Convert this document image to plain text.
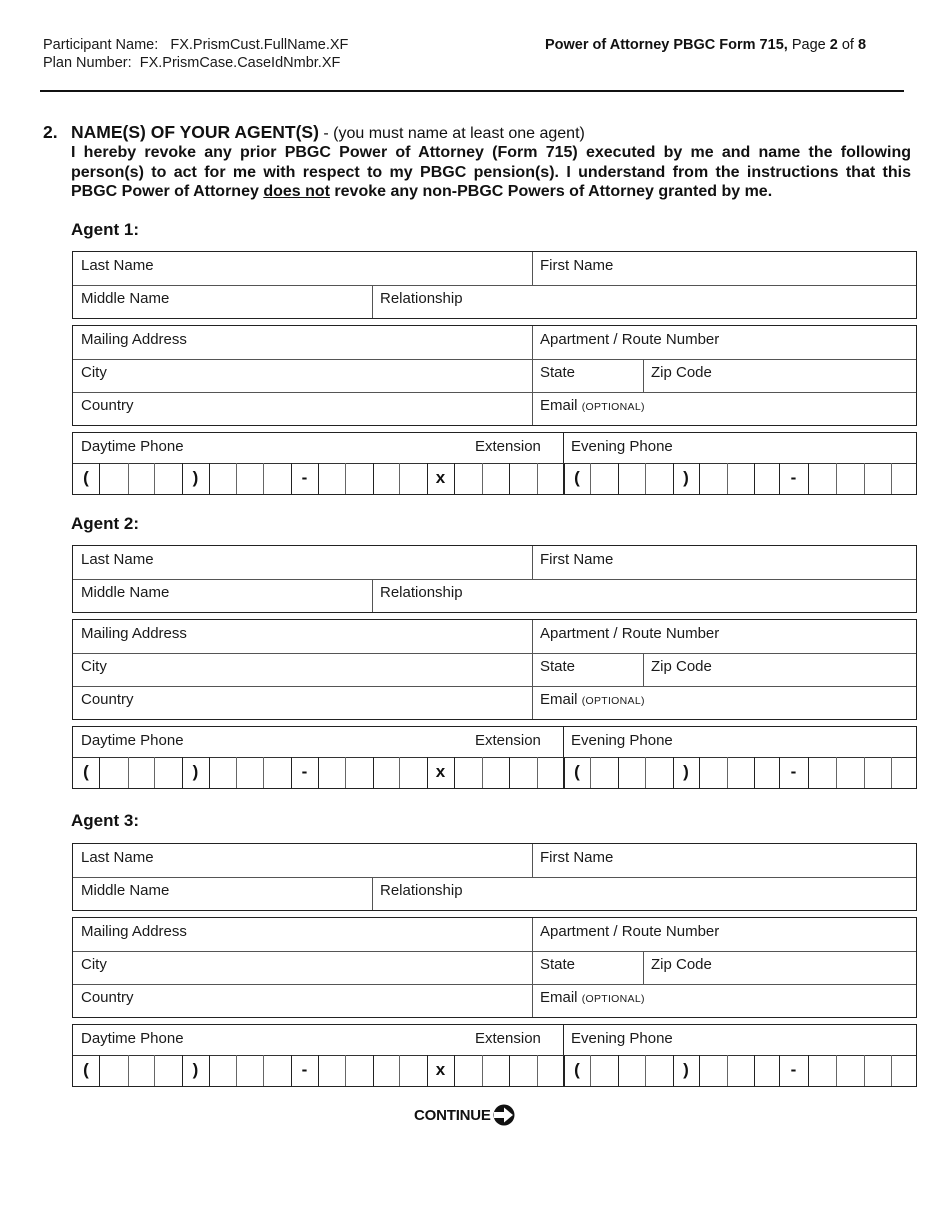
Participant Name: FX.PrismCust.FullName.XF
Plan Number: FX.PrismCase.CaseIdNmbr.XF
Power of Attorney PBGC Form 715, Page 2 of 8
2. NAME(S) OF YOUR AGENT(S) - (you must name at least one agent)
I hereby revoke any prior PBGC Power of Attorney (Form 715) executed by me and name the following person(s) to act for me with respect to my PBGC pension(s). I understand from the instructions that this PBGC Power of Attorney does not revoke any non-PBGC Powers of Attorney granted by me.
Agent 1:
Last Name	First Name
Middle Name	Relationship
Mailing Address	Apartment / Route Number
City	State	Zip Code
Country	Email (OPTIONAL)
Daytime Phone	Extension Evening Phone
(	)	-	x	(	)	-
Agent 2:
Last Name	First Name
Middle Name	Relationship
Mailing Address	Apartment / Route Number
City	State	Zip Code
Country	Email (OPTIONAL)
Daytime Phone	Extension Evening Phone
(	)	-	x	(	)	-
Agent 3:
Last Name	First Name
Middle Name	Relationship
Mailing Address	Apartment / Route Number
City	State	Zip Code
Country	Email (OPTIONAL)
Daytime Phone	Extension Evening Phone
(	)	-	x	(	)	-
CONTINUE
